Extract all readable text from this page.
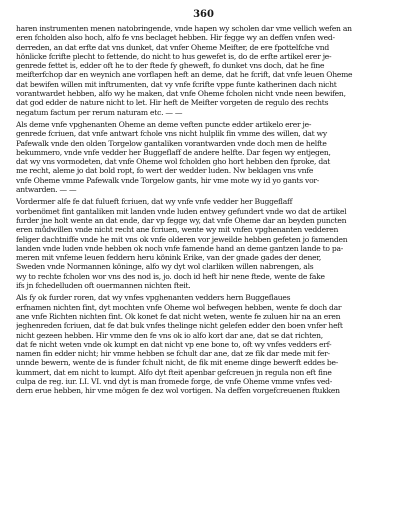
360
haren instrumenten menen natobringende, vnde hapen wy scholen dar vme vellich wefen an
eren fcholden also hoch, alfo fe vns beclaget hebben. Hir fegge wy an deffen vnfen wed-
derreden, an dat erfte dat vns dunket, dat vnfer Oheme Meifter, de ere fpottelfche vnd
hönlicke fcrifte plecht to fettende, do nicht to hus gewefet is, do de erfte artikel erer je-
genrede fettet is, edder oft he to der ftede fy gheweft, fo dunket vns doch, dat he fine
meifterfchop dar en weynich ane vorflapen heft an deme, dat he fcrift, dat vnfe leuen Oheme
dat bewifen willen mit inftrumenten, dat vy vnfe fcrifte vppe funte katherinen dach nicht
vorantwardet hebben, alfo wy he maken, dat vnfe Oheme fcholen nicht vnde neen bewifen,
dat god edder de nature nicht to let. Hir heft de Meifter vorgeten de regulo des rechts
negatum factum per rerum naturam etc. — —
Als deme vnfe vpghenanten Oheme an deme veften puncte edder artikelo erer je-
genrede fcriuen, dat vnfe antwart fchole vns nicht hulplik fin vmme des willen, dat wy
Pafewalk vnde den olden Torgelow gantaliken vorantwarden vnde doch men de helfte
bekummero, vnde vnfe vedder her Buggeflaff de andere helfte. Dar fegen wy entjegen,
dat wy vns vormodeten, dat vnfe Oheme wol fcholden gho hort hebben den fproke, dat
me recht, aleme jo dat bold ropt, fo wert der wedder luden. Nw beklagen vns vnfe
vnfe Oheme vmme Pafewalk vnde Torgelow gants, hir vme mote wy id yo gants vor-
antwarden. — —
Vordermer alfe fe dat fulueft fcriuen, dat wy vnfe vnfe vedder her Buggeflaff
vorbenömet fint gantaliken mit landen vnde luden entwey gefundert vnde wo dat de artikel
furder jne holt wente an dat ende, dar vp fegge wy, dat vnfe Oheme dar an beyden puncten
eren můdwillen vnde nicht recht ane fcriuen, wente wy mit vnfen vpghenanten vedderen
feliger dachtniffe vnde he mit vns ok vnfe olderen vor jeweilde hebben gefeten jo famenden
landen vnde luden vnde hebben ok noch vnfe famende hand an deme gantzen lande to pa-
meren mit vnfeme leuen feddern heru könink Erike, van der gnade gades der dener,
Sweden vnde Normannen köninge, alfo wy dyt wol clarliken willen nabrengen, als
wy to rechte fcholen wor vns des nod is, jo. doch id heft hir nene ftede, wente de fake
ifs jn fchedelluden oft ouermannen nichten fteit.
Als fy ok furder roren, dat wy vnfes vpghenanten vedders hern Buggeflaues
erfnamen nichten fint, dyt mochten vnfe Oheme wol befwegen hebben, wente fe doch dar
ane vnfe Richten nichten fint. Ok konet fe dat nicht weten, wente fe zuluen hir na an eren
jeghenreden fcriuen, dat fe dat buk vnfes thelinge nicht gelefen edder den boen vnfer heft
nicht gezeen hebben. Hir vmme den fe vns ok io alfo kort dar ane, dat se dat richten,
dat fe nicht weten vnde ok kumpt en dat nicht vp ene bone to, oft wy vnfes vedders erf-
namen fin edder nicht; hir vmme hebben se fchult dar ane, dat ze fik dar mede mit fer-
unnde bewern, wente de is funder fchult nicht, de fik mit eneme dinge bewerft eddes be-
kummert, dat em nicht to kumpt. Alfo dyt fteit apenbar gefcreuen jn regula non eft fine
culpa de reg. iur. LI. VI. vnd dyt is man fromede forge, de vnfe Oheme vmme vnfes ved-
dern erue hebben, hir vme mögen fe dez wol vortigen. Na deffen vorgefcreuenen ftukken
